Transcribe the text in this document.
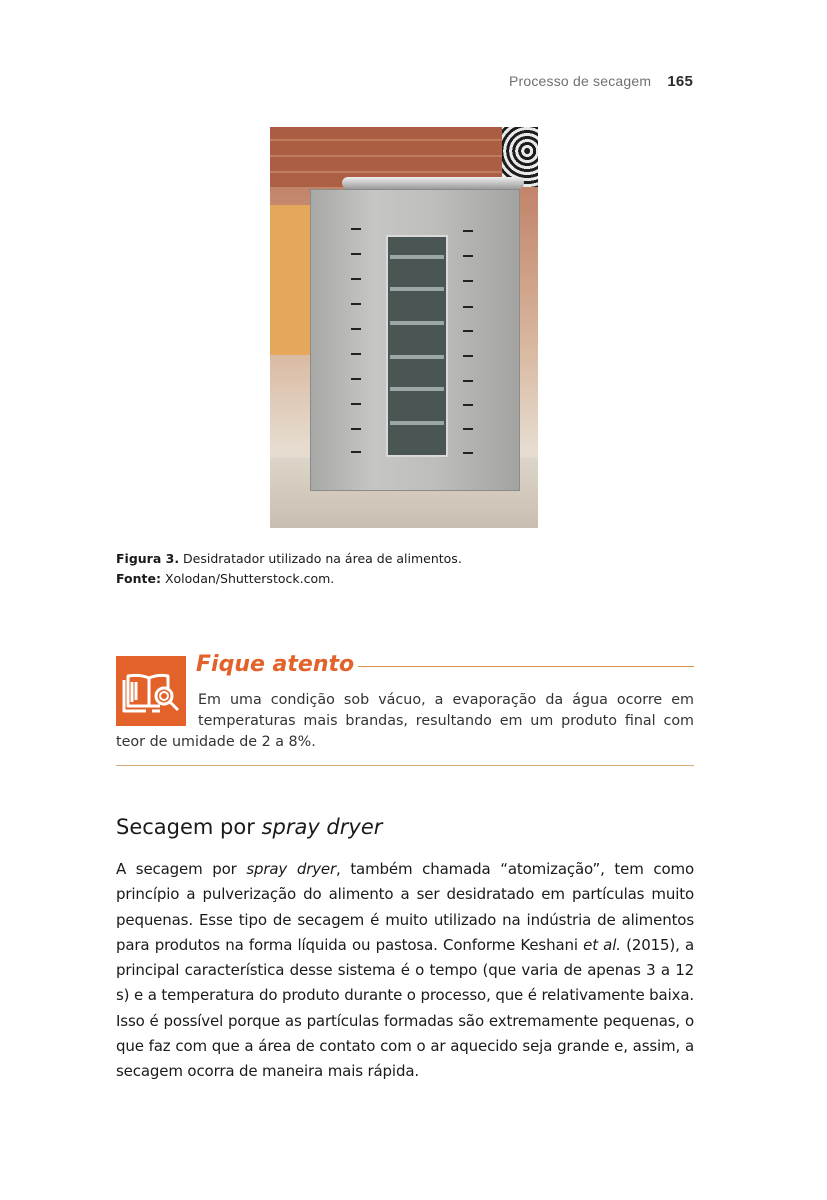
Processo de secagem 165
Figura 3. Desidratador utilizado na área de alimentos.
Fonte: Xolodan/Shutterstock.com.
Fique atento
Em uma condição sob vácuo, a evaporação da água ocorre em temperaturas mais brandas, resultando em um produto final com teor de umidade de 2 a 8%.
Secagem por spray dryer
A secagem por spray dryer, também chamada “atomização”, tem como princípio a pulverização do alimento a ser desidratado em partículas muito pequenas. Esse tipo de secagem é muito utilizado na indústria de alimentos para produtos na forma líquida ou pastosa. Conforme Keshani et al. (2015), a principal característica desse sistema é o tempo (que varia de apenas 3 a 12 s) e a temperatura do produto durante o processo, que é relativamente baixa. Isso é possível porque as partículas formadas são extremamente pequenas, o que faz com que a área de contato com o ar aquecido seja grande e, assim, a secagem ocorra de maneira mais rápida.
